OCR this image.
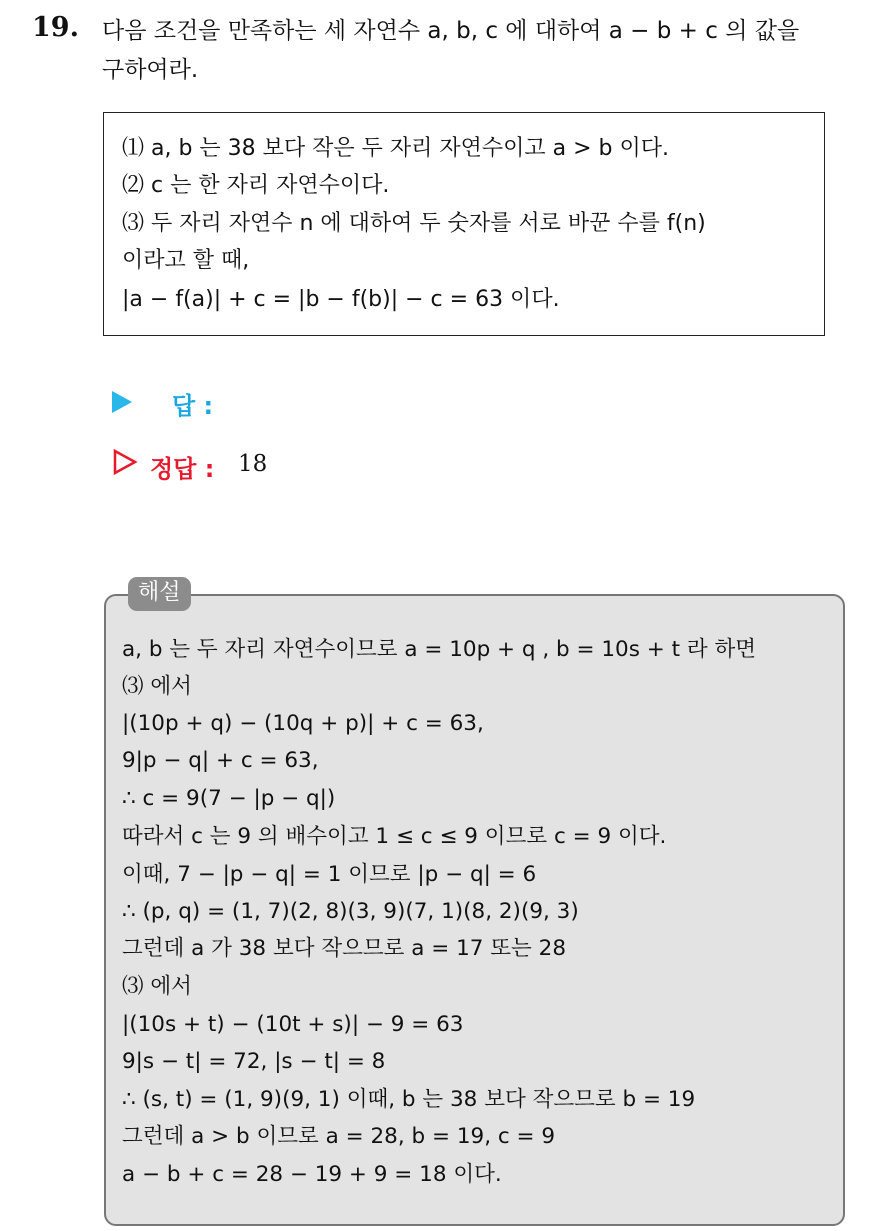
19. 다음 조건을 만족하는 세 자연수 a, b, c 에 대하여 a − b + c 의 값을
구하여라.
⑴ a, b 는 38 보다 작은 두 자리 자연수이고 a > b 이다.
⑵ c 는 한 자리 자연수이다.
⑶ 두 자리 자연수 n 에 대하여 두 숫자를 서로 바꾼 수를 f(n)
이라고 할 때,
|a − f(a)| + c = |b − f(b)| − c = 63 이다.
답 :
정답 : 18
해설
a, b 는 두 자리 자연수이므로 a = 10p + q , b = 10s + t 라 하면
⑶ 에서
|(10p + q) − (10q + p)| + c = 63,
9|p − q| + c = 63,
∴ c = 9(7 − |p − q|)
따라서 c 는 9 의 배수이고 1 ≤ c ≤ 9 이므로 c = 9 이다.
이때, 7 − |p − q| = 1 이므로 |p − q| = 6
∴ (p, q) = (1, 7)(2, 8)(3, 9)(7, 1)(8, 2)(9, 3)
그런데 a 가 38 보다 작으므로 a = 17 또는 28
⑶ 에서
|(10s + t) − (10t + s)| − 9 = 63
9|s − t| = 72, |s − t| = 8
∴ (s, t) = (1, 9)(9, 1) 이때, b 는 38 보다 작으므로 b = 19
그런데 a > b 이므로 a = 28, b = 19, c = 9
a − b + c = 28 − 19 + 9 = 18 이다.
